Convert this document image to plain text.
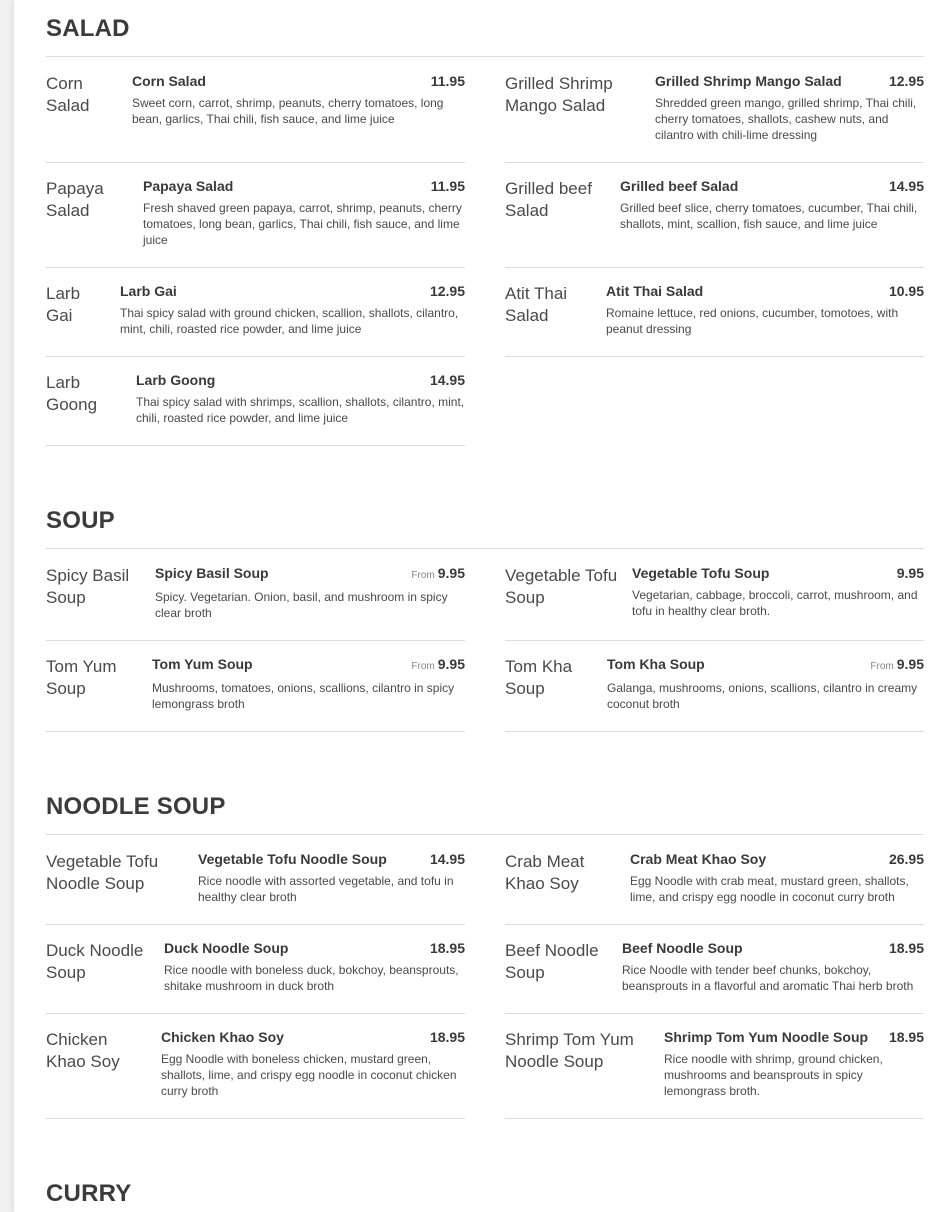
SALAD
Corn Salad
Corn Salad	11.95
Sweet corn, carrot, shrimp, peanuts, cherry tomatoes, long bean, garlics, Thai chili, fish sauce, and lime juice
Grilled Shrimp Mango Salad
Grilled Shrimp Mango Salad	12.95
Shredded green mango, grilled shrimp, Thai chili, cherry tomatoes, shallots, cashew nuts, and cilantro with chili-lime dressing
Papaya Salad
Papaya Salad	11.95
Fresh shaved green papaya, carrot, shrimp, peanuts, cherry tomatoes, long bean, garlics, Thai chili, fish sauce, and lime juice
Grilled beef Salad
Grilled beef Salad	14.95
Grilled beef slice, cherry tomatoes, cucumber, Thai chili, shallots, mint, scallion, fish sauce, and lime juice
Larb Gai
Larb Gai	12.95
Thai spicy salad with ground chicken, scallion, shallots, cilantro, mint, chili, roasted rice powder, and lime juice
Atit Thai Salad
Atit Thai Salad	10.95
Romaine lettuce, red onions, cucumber, tomotoes, with peanut dressing
Larb Goong
Larb Goong	14.95
Thai spicy salad with shrimps, scallion, shallots, cilantro, mint, chili, roasted rice powder, and lime juice
SOUP
Spicy Basil Soup
Spicy Basil Soup	From 9.95
Spicy. Vegetarian. Onion, basil, and mushroom in spicy clear broth
Vegetable Tofu Soup
Vegetable Tofu Soup	9.95
Vegetarian, cabbage, broccoli, carrot, mushroom, and tofu in healthy clear broth.
Tom Yum Soup
Tom Yum Soup	From 9.95
Mushrooms, tomatoes, onions, scallions, cilantro in spicy lemongrass broth
Tom Kha Soup
Tom Kha Soup	From 9.95
Galanga, mushrooms, onions, scallions, cilantro in creamy coconut broth
NOODLE SOUP
Vegetable Tofu Noodle Soup
Vegetable Tofu Noodle Soup	14.95
Rice noodle with assorted vegetable, and tofu in healthy clear broth
Crab Meat Khao Soy
Crab Meat Khao Soy	26.95
Egg Noodle with crab meat, mustard green, shallots, lime, and crispy egg noodle in coconut curry broth
Duck Noodle Soup
Duck Noodle Soup	18.95
Rice noodle with boneless duck, bokchoy, beansprouts, shitake mushroom in duck broth
Beef Noodle Soup
Beef Noodle Soup	18.95
Rice Noodle with tender beef chunks, bokchoy, beansprouts in a flavorful and aromatic Thai herb broth
Chicken Khao Soy
Chicken Khao Soy	18.95
Egg Noodle with boneless chicken, mustard green, shallots, lime, and crispy egg noodle in coconut chicken curry broth
Shrimp Tom Yum Noodle Soup
Shrimp Tom Yum Noodle Soup 18.95
Rice noodle with shrimp, ground chicken, mushrooms and beansprouts in spicy lemongrass broth.
CURRY
